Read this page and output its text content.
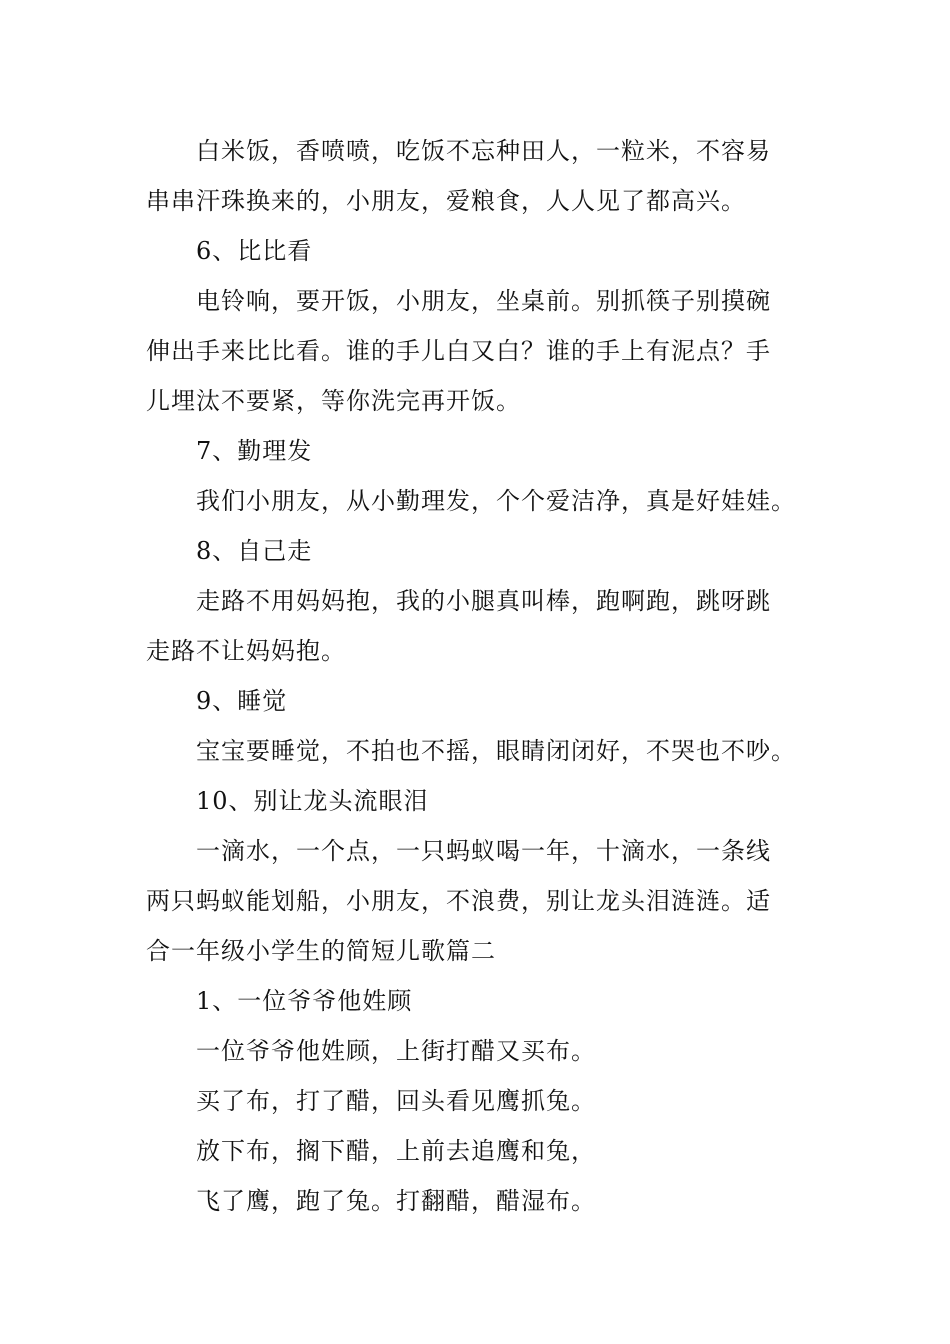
白米饭，香喷喷，吃饭不忘种田人，一粒米，不容易
串串汗珠换来的，小朋友，爱粮食，人人见了都高兴。
6、比比看
电铃响，要开饭，小朋友，坐桌前。别抓筷子别摸碗
伸出手来比比看。谁的手儿白又白？谁的手上有泥点？手
儿埋汰不要紧，等你洗完再开饭。
7、勤理发
我们小朋友，从小勤理发，个个爱洁净，真是好娃娃。
8、自己走
走路不用妈妈抱，我的小腿真叫棒，跑啊跑，跳呀跳
走路不让妈妈抱。
9、睡觉
宝宝要睡觉，不拍也不摇，眼睛闭闭好，不哭也不吵。
10、别让龙头流眼泪
一滴水，一个点，一只蚂蚁喝一年，十滴水，一条线
两只蚂蚁能划船，小朋友，不浪费，别让龙头泪涟涟。适
合一年级小学生的简短儿歌篇二
1、一位爷爷他姓顾
一位爷爷他姓顾，上街打醋又买布。
买了布，打了醋，回头看见鹰抓兔。
放下布，搁下醋，上前去追鹰和兔，
飞了鹰，跑了兔。打翻醋，醋湿布。
